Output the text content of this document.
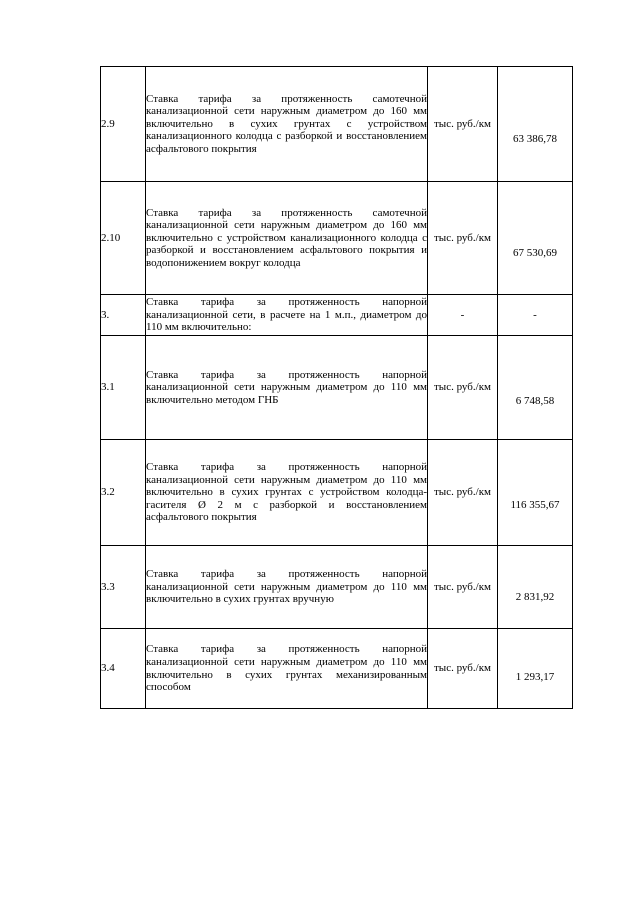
2.9	Ставка тарифа за протяженность самотечной канализационной сети наружным диаметром до 160 мм включительно в сухих грунтах с устройством канализационного колодца с разборкой и восстановлением асфальтового покрытия	тыс. руб./км	63 386,78
2.10	Ставка тарифа за протяженность самотечной канализационной сети наружным диаметром до 160 мм включительно с устройством канализационного колодца с разборкой и восстановлением асфальтового покрытия и водопонижением вокруг колодца	тыс. руб./км	67 530,69
3.	Ставка тарифа за протяженность напорной канализационной сети, в расчете на 1 м.п., диаметром до 110 мм включительно:	-	-
3.1	Ставка тарифа за протяженность напорной канализационной сети наружным диаметром до 110 мм включительно методом ГНБ	тыс. руб./км	6 748,58
3.2	Ставка тарифа за протяженность напорной канализационной сети наружным диаметром до 110 мм включительно в сухих грунтах с устройством колодца-гасителя Ø 2 м с разборкой и восстановлением асфальтового покрытия	тыс. руб./км	116 355,67
3.3	Ставка тарифа за протяженность напорной канализационной сети наружным диаметром до 110 мм включительно в сухих грунтах вручную	тыс. руб./км	2 831,92
3.4	Ставка тарифа за протяженность напорной канализационной сети наружным диаметром до 110 мм включительно в сухих грунтах механизированным способом	тыс. руб./км	1 293,17
